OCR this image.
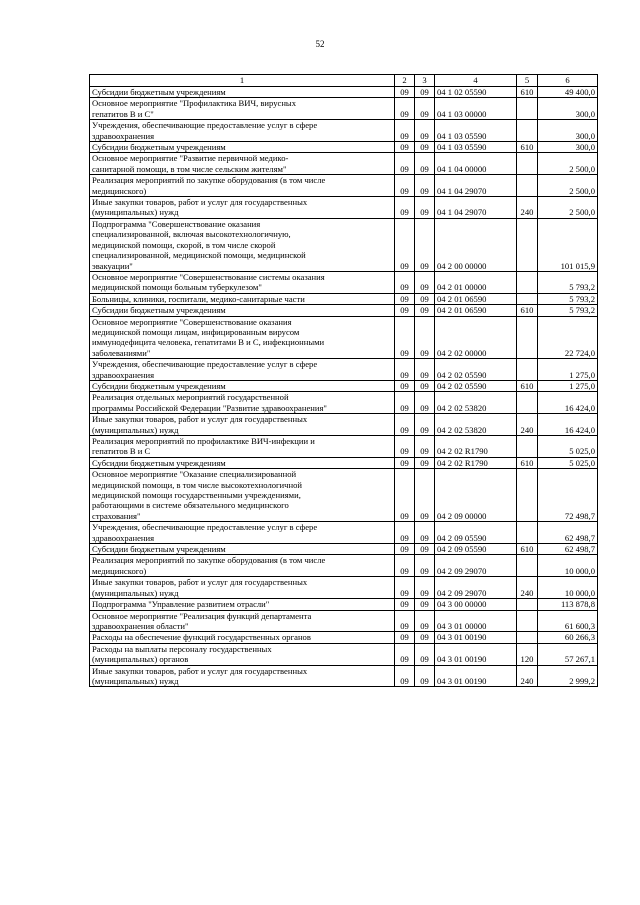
52
1	2	3	4	5	6
Субсидии бюджетным учреждениям	09	09	04 1 02 05590	610	49 400,0
Основное мероприятие "Профилактика ВИЧ, вирусных
гепатитов В и С"	09	09	04 1 03 00000		300,0
Учреждения, обеспечивающие предоставление услуг в сфере
здравоохранения	09	09	04 1 03 05590		300,0
Субсидии бюджетным учреждениям	09	09	04 1 03 05590	610	300,0
Основное мероприятие "Развитие первичной медико-
санитарной помощи, в том числе сельским жителям"	09	09	04 1 04 00000		2 500,0
Реализация мероприятий по закупке оборудования (в том числе
медицинского)	09	09	04 1 04 29070		2 500,0
Иные закупки товаров, работ и услуг для государственных
(муниципальных) нужд	09	09	04 1 04 29070	240	2 500,0
Подпрограмма "Совершенствование оказания
специализированной, включая высокотехнологичную,
медицинской помощи, скорой, в том числе скорой
специализированной, медицинской помощи, медицинской
эвакуации"	09	09	04 2 00 00000		101 015,9
Основное мероприятие "Совершенствование системы оказания
медицинской помощи больным туберкулезом"	09	09	04 2 01 00000		5 793,2
Больницы, клиники, госпитали, медико-санитарные части	09	09	04 2 01 06590		5 793,2
Субсидии бюджетным учреждениям	09	09	04 2 01 06590	610	5 793,2
Основное мероприятие "Совершенствование оказания
медицинской помощи лицам, инфицированным вирусом
иммунодефицита человека, гепатитами В и С, инфекционными
заболеваниями"	09	09	04 2 02 00000		22 724,0
Учреждения, обеспечивающие предоставление услуг в сфере
здравоохранения	09	09	04 2 02 05590		1 275,0
Субсидии бюджетным учреждениям	09	09	04 2 02 05590	610	1 275,0
Реализация отдельных мероприятий государственной
программы Российской Федерации "Развитие здравоохранения"	09	09	04 2 02 53820		16 424,0
Иные закупки товаров, работ и услуг для государственных
(муниципальных) нужд	09	09	04 2 02 53820	240	16 424,0
Реализация мероприятий по профилактике ВИЧ-инфекции и
гепатитов В и С	09	09	04 2 02 R1790		5 025,0
Субсидии бюджетным учреждениям	09	09	04 2 02 R1790	610	5 025,0
Основное мероприятие "Оказание специализированной
медицинской помощи, в том числе высокотехнологичной
медицинской помощи государственными учреждениями,
работающими в системе обязательного медицинского
страхования"	09	09	04 2 09 00000		72 498,7
Учреждения, обеспечивающие предоставление услуг в сфере
здравоохранения	09	09	04 2 09 05590		62 498,7
Субсидии бюджетным учреждениям	09	09	04 2 09 05590	610	62 498,7
Реализация мероприятий по закупке оборудования (в том числе
медицинского)	09	09	04 2 09 29070		10 000,0
Иные закупки товаров, работ и услуг для государственных
(муниципальных) нужд	09	09	04 2 09 29070	240	10 000,0
Подпрограмма "Управление развитием отрасли"	09	09	04 3 00 00000		113 878,8
Основное мероприятие "Реализация функций департамента
здравоохранения области"	09	09	04 3 01 00000		61 600,3
Расходы на обеспечение функций государственных органов	09	09	04 3 01 00190		60 266,3
Расходы на выплаты персоналу государственных
(муниципальных) органов	09	09	04 3 01 00190	120	57 267,1
Иные закупки товаров, работ и услуг для государственных
(муниципальных) нужд	09	09	04 3 01 00190	240	2 999,2
